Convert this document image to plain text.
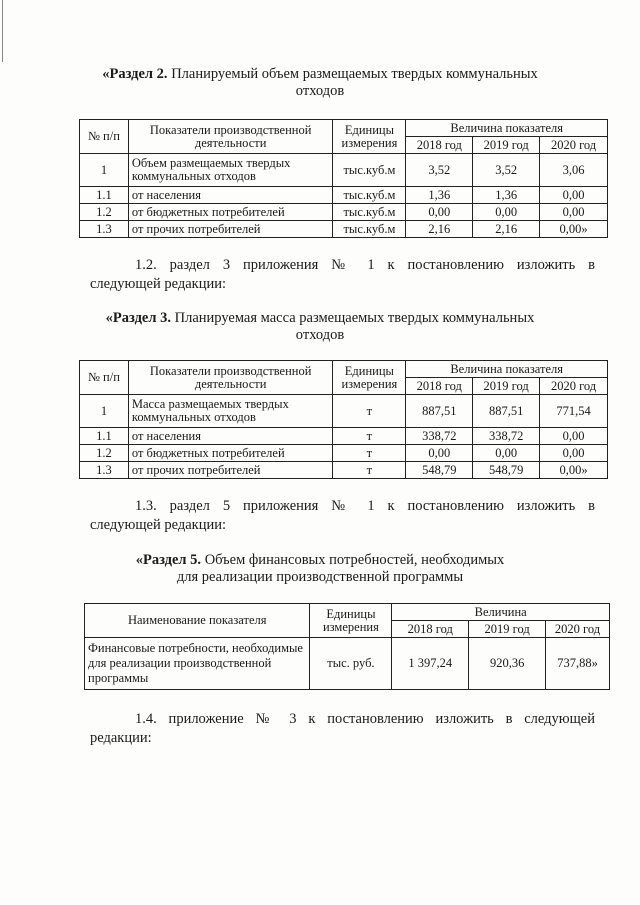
«Раздел 2. Планируемый объем размещаемых твердых коммунальных
отходов
№ п/п	Показатели производственной деятельности	Единицы измерения	Величина показателя		
			2018 год	2019 год	2020 год
1	Объем размещаемых твердых коммунальных отходов	тыс.куб.м	3,52	3,52	3,06
1.1	от населения	тыс.куб.м	1,36	1,36	0,00
1.2	от бюджетных потребителей	тыс.куб.м	0,00	0,00	0,00
1.3	от прочих потребителей	тыс.куб.м	2,16	2,16	0,00»
1.2. раздел 3 приложения № 1 к постановлению изложить в
следующей редакции:
«Раздел 3. Планируемая масса размещаемых твердых коммунальных
отходов
№ п/п	Показатели производственной деятельности	Единицы измерения	Величина показателя		
			2018 год	2019 год	2020 год
1	Масса размещаемых твердых коммунальных отходов	т	887,51	887,51	771,54
1.1	от населения	т	338,72	338,72	0,00
1.2	от бюджетных потребителей	т	0,00	0,00	0,00
1.3	от прочих потребителей	т	548,79	548,79	0,00»
1.3. раздел 5 приложения № 1 к постановлению изложить в
следующей редакции:
«Раздел 5. Объем финансовых потребностей, необходимых
для реализации производственной программы
Наименование показателя	Единицы измерения	Величина		
		2018 год	2019 год	2020 год
Финансовые потребности, необходимые для реализации производственной программы	тыс. руб.	1 397,24	920,36	737,88»
1.4. приложение № 3 к постановлению изложить в следующей
редакции:
